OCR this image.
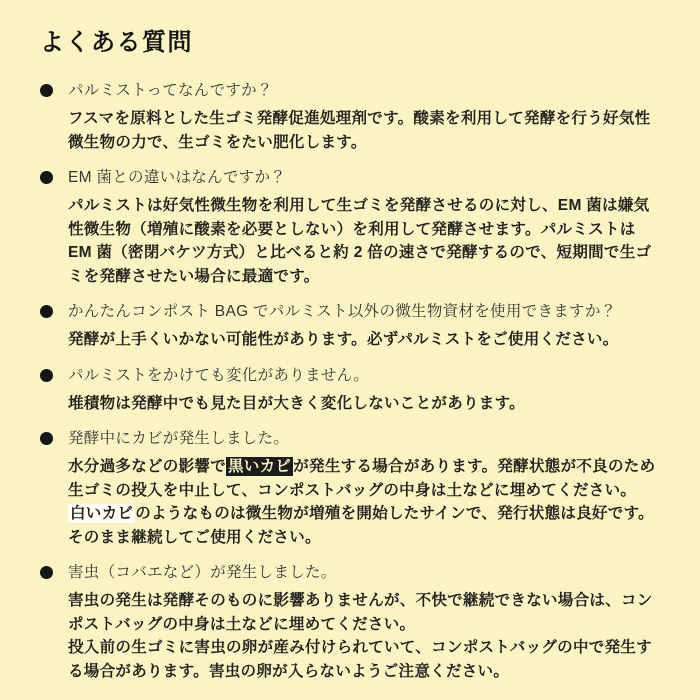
よくある質問
パルミストってなんですか？

フスマを原料とした生ゴミ発酵促進処理剤です。酸素を利用して発酵を行う好気性微生物の力で、生ゴミをたい肥化します。

EM 菌との違いはなんですか？

パルミストは好気性微生物を利用して生ゴミを発酵させるのに対し、EM 菌は嫌気性微生物（増殖に酸素を必要としない）を利用して発酵させます。パルミストは EM 菌（密閉バケツ方式）と比べると約 2 倍の速さで発酵するので、短期間で生ゴミを発酵させたい場合に最適です。

かんたんコンポスト BAG でパルミスト以外の微生物資材を使用できますか？

発酵が上手くいかない可能性があります。必ずパルミストをご使用ください。

パルミストをかけても変化がありません。

堆積物は発酵中でも見た目が大きく変化しないことがあります。

発酵中にカビが発生しました。

水分過多などの影響で 黒いカビ が発生する場合があります。発酵状態が不良のため生ゴミの投入を中止して、コンポストバッグの中身は土などに埋めてください。

白いカビ のようなものは微生物が増殖を開始したサインで、発行状態は良好です。そのまま継続してご使用ください。

害虫（コバエなど）が発生しました。

害虫の発生は発酵そのものに影響ありませんが、不快で継続できない場合は、コンポストバッグの中身は土などに埋めてください。

投入前の生ゴミに害虫の卵が産み付けられていて、コンポストバッグの中で発生する場合があります。害虫の卵が入らないようご注意ください。
